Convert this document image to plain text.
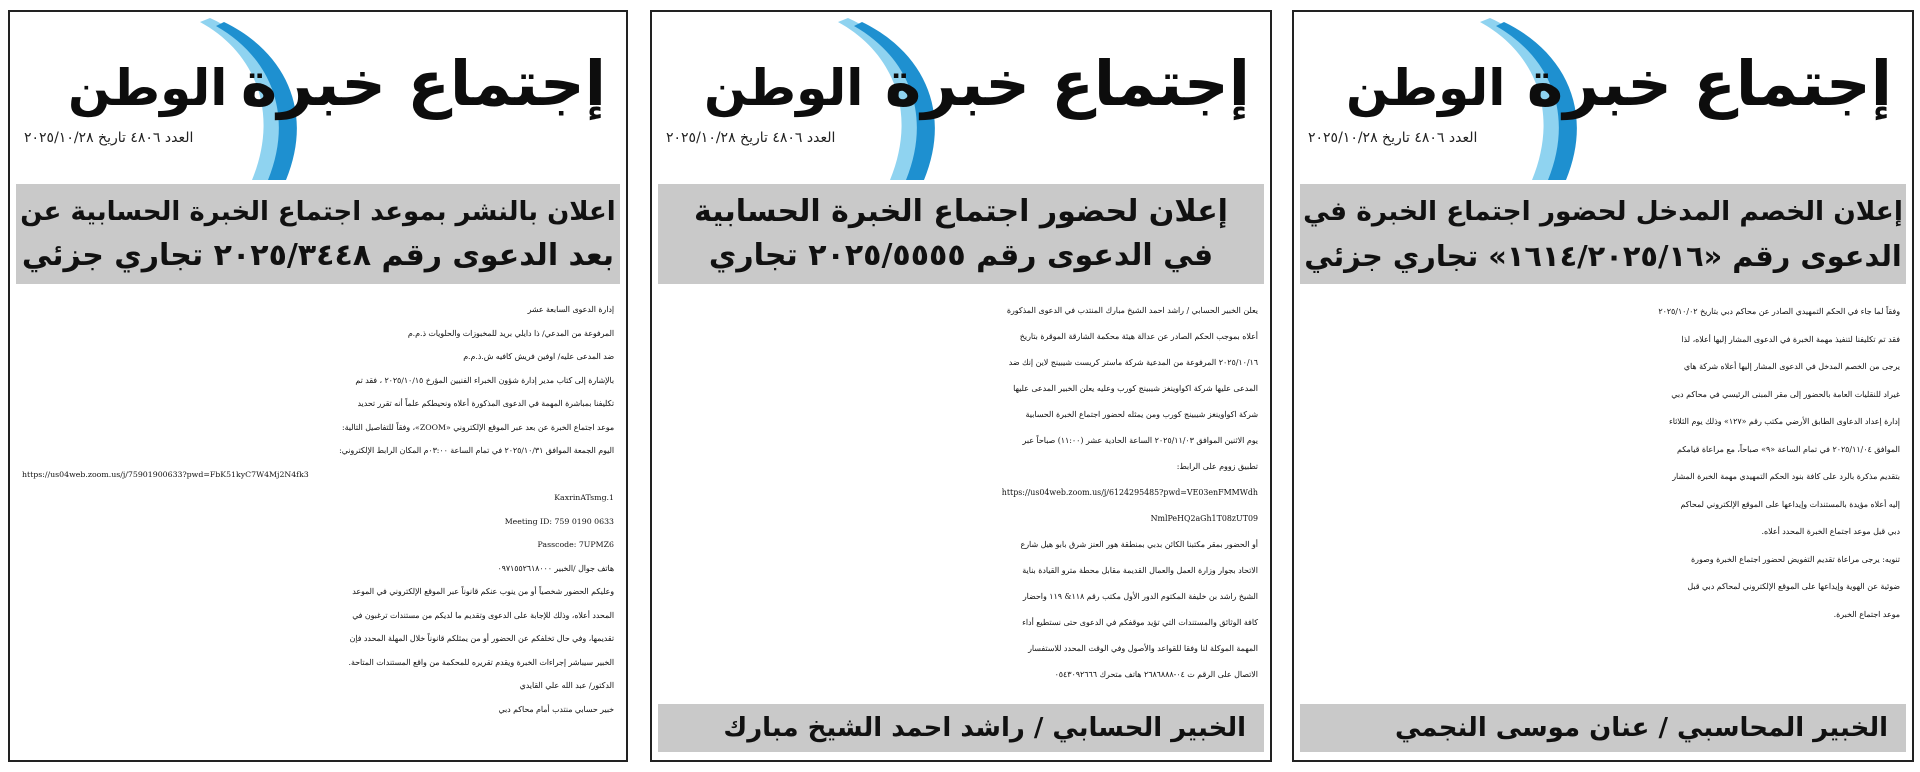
إجتماع خبرة
الوطن
العدد ٤٨٠٦ تاريخ ٢٠٢٥/١٠/٢٨
اعلان بالنشر بموعد اجتماع الخبرة الحسابية عن
بعد الدعوى رقم ٢٠٢٥/٣٤٤٨ تجاري جزئي

إدارة الدعوى السابعة عشر

المرفوعة من المدعي/ ذا دايلي بريد للمخبوزات والحلويات ذ.م.م

ضد المدعى عليه/ اوفين فريش كافيه ش.ذ.م.م

بالإشارة إلى كتاب مدير إدارة شؤون الخبراء الفنيين المؤرخ ٢٠٢٥/١٠/١٥ ، فقد تم

تكليفنا بمباشرة المهمة في الدعوى المذكورة أعلاه ونحيطكم علماً أنه تقرر تحديد

موعد اجتماع الخبرة عن بعد عبر الموقع الإلكتروني «ZOOM»، وفقاً للتفاصيل التالية:

اليوم الجمعة الموافق ٢٠٢٥/١٠/٣١ في تمام الساعة ٠٣:٠٠م المكان الرابط الإلكتروني:

https://us04web.zoom.us/j/75901900633?pwd=FbK51kyC7W4Mj2N4fk3

KaxrinATsmg.1

Meeting ID: 759 0190 0633

Passcode: 7UPMZ6

هاتف جوال /الخبير ٠٩٧١٥٥٢٦١٨٠٠٠

وعليكم الحضور شخصياً أو من ينوب عنكم قانوناً عبر الموقع الإلكتروني في الموعد

المحدد أعلاه، وذلك للإجابة على الدعوى وتقديم ما لديكم من مستندات ترغبون في

تقديمها، وفي حال تخلفكم عن الحضور أو من يمثلكم قانوناً خلال المهلة المحدد فإن

الخبير سيباشر إجراءات الخبرة ويقدم تقريره للمحكمة من واقع المستندات المتاحة.

الدكتور/ عبد الله علي القايدي

خبير حسابي منتدب أمام محاكم دبي

إجتماع خبرة
الوطن
العدد ٤٨٠٦ تاريخ ٢٠٢٥/١٠/٢٨
إعلان لحضور اجتماع الخبرة الحسابية
في الدعوى رقم ٢٠٢٥/٥٥٥٥ تجاري

يعلن الخبير الحسابي / راشد احمد الشيخ مبارك المنتدب في الدعوى المذكورة

أعلاه بموجب الحكم الصادر عن عدالة هيئة محكمة الشارقة الموقرة بتاريخ

٢٠٢٥/١٠/١٦ المرفوعة من المدعية شركة ماستر كريست شيبينج لاين إنك ضد

المدعى عليها شركة اكواوينغز شيبينج كورب وعليه يعلن الخبير المدعى عليها

شركة اكواوينغز شيبينج كورب ومن يمثله لحضور اجتماع الخبرة الحسابية

يوم الاثنين الموافق ٢٠٢٥/١١/٠٣ الساعة الحادية عشر (١١:٠٠) صباحاً عبر

تطبيق زووم على الرابط:

https://us04web.zoom.us/j/6124295485?pwd=VE03enFMMWdh

NmlPeHQ2aGh1T08zUT09

أو الحضور بمقر مكتبنا الكائن بدبي بمنطقة هور العنز شرق بابو هيل شارع

الاتحاد بجوار وزارة العمل والعمال القديمة مقابل محطة مترو القيادة بناية

الشيخ راشد بن خليفة المكتوم الدور الأول مكتب رقم ١١٨& ١١٩ واحضار

كافة الوثائق والمستندات التي تؤيد موقفكم في الدعوى حتى نستطيع أداء

المهمة الموكلة لنا وفقا للقواعد والأصول وفي الوقت المحدد للاستفسار

الاتصال على الرقم ت ٠٤-٢٦٨٦٨٨٨ هاتف متحرك ٠٥٤٣٠٩٢٦٦٦

الخبير الحسابي / راشد احمد الشيخ مبارك
إجتماع خبرة
الوطن
العدد ٤٨٠٦ تاريخ ٢٠٢٥/١٠/٢٨
إعلان الخصم المدخل لحضور اجتماع الخبرة في
الدعوى رقم «١٦١٤/٢٠٢٥/١٦» تجاري جزئي

وفقاً لما جاء في الحكم التمهيدي الصادر عن محاكم دبي بتاريخ ٢٠٢٥/١٠/٠٢

فقد تم تكليفنا لتنفيذ مهمة الخبرة في الدعوى المشار إليها أعلاه، لذا

يرجى من الخصم المدخل في الدعوى المشار إليها أعلاه شركة هاي

غيراد للنقليات العامة بالحضور إلى مقر المبنى الرئيسي في محاكم دبي

إدارة إعداد الدعاوى الطابق الأرضي مكتب رقم «١٢٧» وذلك يوم الثلاثاء

الموافق ٢٠٢٥/١١/٠٤ في تمام الساعة «٩» صباحاً، مع مراعاة قيامكم

بتقديم مذكرة بالرد على كافة بنود الحكم التمهيدي مهمة الخبرة المشار

إليه أعلاه مؤيدة بالمستندات وإيداعها على الموقع الإلكتروني لمحاكم

دبي قبل موعد اجتماع الخبرة المحدد أعلاه.

تنويه: يرجى مراعاة تقديم التفويض لحضور اجتماع الخبرة وصورة

ضوئية عن الهوية وإيداعها على الموقع الإلكتروني لمحاكم دبي قبل

موعد اجتماع الخبرة.

الخبير المحاسبي / عنان موسى النجمي
